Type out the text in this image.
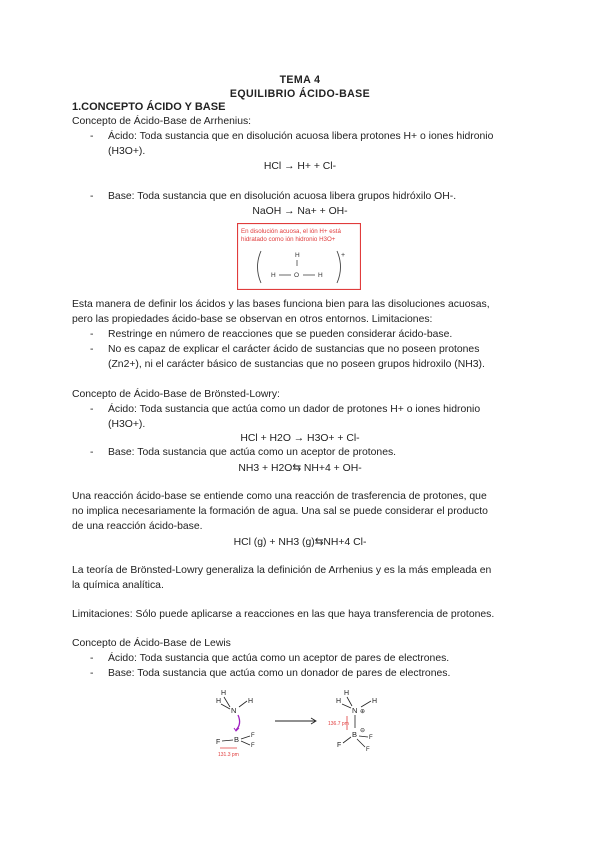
TEMA 4
EQUILIBRIO ÁCIDO-BASE
1.CONCEPTO ÁCIDO Y BASE
Concepto de Ácido-Base de Arrhenius:
- Ácido: Toda sustancia que en disolución acuosa libera protones H+ o iones hidronio
(H3O+).
HCl → H+ + Cl-
- Base: Toda sustancia que en disolución acuosa libera grupos hidróxilo OH-.
NaOH → Na+ + OH-
En disolución acuosa, el ión H+ está
hidratado como ión hidronio H3O+
+
H
H	O	H
Esta manera de definir los ácidos y las bases funciona bien para las disoluciones acuosas,
pero las propiedades ácido-base se observan en otros entornos. Limitaciones:
- Restringe en número de reacciones que se pueden considerar ácido-base.
- No es capaz de explicar el carácter ácido de sustancias que no poseen protones
(Zn2+), ni el carácter básico de sustancias que no poseen grupos hidroxilo (NH3).
Concepto de Ácido-Base de Brönsted-Lowry:
- Ácido: Toda sustancia que actúa como un dador de protones H+ o iones hidronio
(H3O+).
HCl + H2O → H3O+ + Cl-
- Base: Toda sustancia que actúa como un aceptor de protones.
NH3 + H2O⇆ NH+4 + OH-
Una reacción ácido-base se entiende como una reacción de trasferencia de protones, que
no implica necesariamente la formación de agua. Una sal se puede considerar el producto
de una reacción ácido-base.
HCl (g) + NH3 (g)⇆NH+4 Cl-
La teoría de Brönsted-Lowry generaliza la definición de Arrhenius y es la más empleada en
la química analítica.
Limitaciones: Sólo puede aplicarse a reacciones en las que haya transferencia de protones.
Concepto de Ácido-Base de Lewis
- Ácido: Toda sustancia que actúa como un aceptor de pares de electrones.
- Base: Toda sustancia que actúa como un donador de pares de electrones.
H
H	H
N
B
F
F
F
131.3 pm
H
H	H
N ⊕
136.7 pm
B ⊖
F
F
F
